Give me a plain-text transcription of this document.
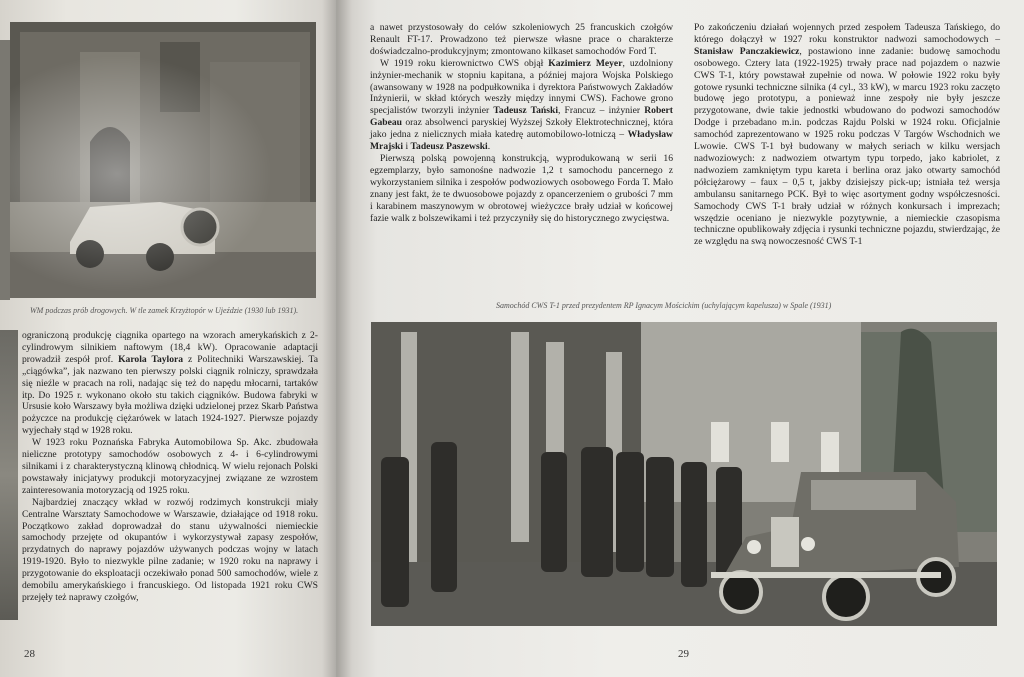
WM podczas prób drogowych. W tle zamek Krzyżtopór w Ujeździe (1930 lub 1931).

ograniczoną produkcję ciągnika opartego na wzorach amerykańskich z 2-cylindrowym silnikiem naftowym (18,4 kW). Opracowanie adaptacji prowadził zespół prof. Karola Taylora z Politechniki Warszawskiej. Ta „ciągówka”, jak nazwano ten pierwszy polski ciągnik rolniczy, sprawdzała się nieźle w pracach na roli, nadając się też do napędu młocarni, tartaków itp. Do 1925 r. wykonano około stu takich ciągników. Budowa fabryki w Ursusie koło Warszawy była możliwa dzięki udzielonej przez Skarb Państwa pożyczce na produkcję ciężarówek w latach 1924-1927. Pierwsze pojazdy wyjechały stąd w 1928 roku.

W 1923 roku Poznańska Fabryka Automobilowa Sp. Akc. zbudowała nieliczne prototypy samochodów osobowych z 4- i 6-cylindrowymi silnikami i z charakterystyczną klinową chłodnicą. W wielu rejonach Polski powstawały inicjatywy produkcji motoryzacyjnej związane ze wzrostem zainteresowania motoryzacją od 1925 roku.

Najbardziej znaczący wkład w rozwój rodzimych konstrukcji miały Centralne Warsztaty Samochodowe w Warszawie, działające od 1918 roku. Początkowo zakład doprowadzał do stanu używalności niemieckie samochody przejęte od okupantów i wykorzystywał zapasy zespołów, przydatnych do naprawy pojazdów używanych podczas wojny w latach 1919-1920. Było to niezwykle pilne zadanie; w 1920 roku na naprawy i przygotowanie do eksploatacji oczekiwało ponad 500 samochodów, wiele z demobilu amerykańskiego i francuskiego. Od listopada 1921 roku CWS przejęły też naprawy czołgów,

28

a nawet przystosowały do celów szkoleniowych 25 francuskich czołgów Renault FT-17. Prowadzono też pierwsze własne prace o charakterze doświadczalno-produkcyjnym; zmontowano kilkaset samochodów Ford T.

W 1919 roku kierownictwo CWS objął Kazimierz Meyer, uzdolniony inżynier-mechanik w stopniu kapitana, a później majora Wojska Polskiego (awansowany w 1928 na podpułkownika i dyrektora Państwowych Zakładów Inżynierii, w skład których weszły między innymi CWS). Fachowe grono specjalistów tworzyli inżynier Tadeusz Tański, Francuz – inżynier Robert Gabeau oraz absolwenci paryskiej Wyższej Szkoły Elektrotechnicznej, która jako jedna z nielicznych miała katedrę automobilowo-lotniczą – Władysław Mrajski i Tadeusz Paszewski.

Pierwszą polską powojenną konstrukcją, wyprodukowaną w serii 16 egzemplarzy, było samonośne nadwozie 1,2 t samochodu pancernego z wykorzystaniem silnika i zespołów podwoziowych osobowego Forda T. Mało znany jest fakt, że te dwuosobowe pojazdy z opancerzeniem o grubości 7 mm i karabinem maszynowym w obrotowej wieżyczce brały udział w końcowej fazie walk z bolszewikami i też przyczyniły się do historycznego zwycięstwa.

Po zakończeniu działań wojennych przed zespołem Tadeusza Tańskiego, do którego dołączył w 1927 roku konstruktor nadwozi samochodowych – Stanisław Panczakiewicz, postawiono inne zadanie: budowę samochodu osobowego. Cztery lata (1922-1925) trwały prace nad pojazdem o nazwie CWS T-1, który powstawał zupełnie od nowa. W połowie 1922 roku były gotowe rysunki techniczne silnika (4 cyl., 33 kW), w marcu 1923 roku zaczęto budowę jego prototypu, a ponieważ inne zespoły nie były jeszcze przygotowane, dwie takie jednostki wbudowano do podwozi samochodów Dodge i przebadano m.in. podczas Rajdu Polski w 1924 roku. Oficjalnie samochód zaprezentowano w 1925 roku podczas V Targów Wschodnich we Lwowie. CWS T-1 był budowany w małych seriach w kilku wersjach nadwoziowych: z nadwoziem otwartym typu torpedo, jako kabriolet, z nadwoziem zamkniętym typu kareta i berlina oraz jako otwarty samochód półciężarowy – faux – 0,5 t, jakby dzisiejszy pick-up; istniała też wersja ambulansu sanitarnego PCK. Był to więc asortyment godny współczesności. Samochody CWS T-1 brały udział w różnych konkursach i imprezach; wszędzie oceniano je niezwykle pozytywnie, a niemieckie czasopisma techniczne opublikowały zdjęcia i rysunki techniczne pojazdu, stwierdzając, że ze względu na swą nowoczesność CWS T-1

Samochód CWS T-1 przed prezydentem RP Ignacym Mościckim (uchylającym kapelusza) w Spale (1931)
29
